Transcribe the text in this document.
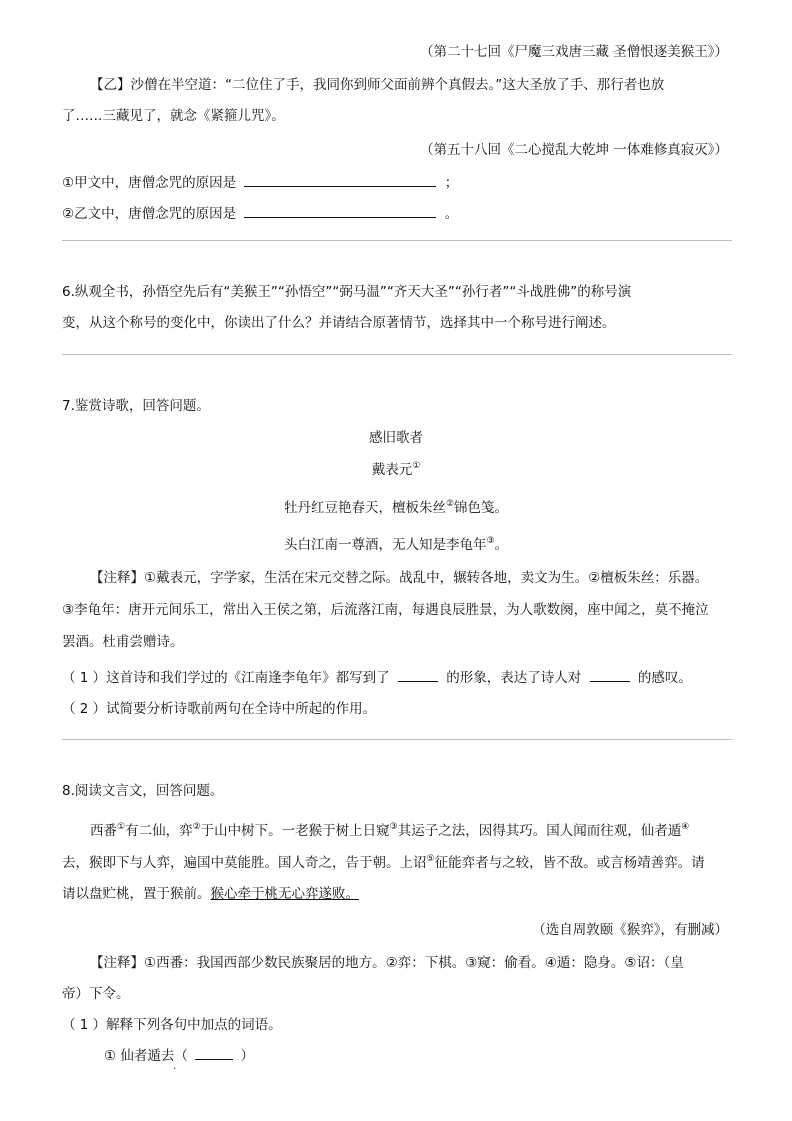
（第二十七回《尸魔三戏唐三藏 圣僧恨逐美猴王》）
【乙】沙僧在半空道：“二位住了手，我同你到师父面前辨个真假去。”这大圣放了手、那行者也放
了……三藏见了，就念《紧箍儿咒》。
（第五十八回《二心搅乱大乾坤 一体难修真寂灭》）
①甲文中，唐僧念咒的原因是	；
②乙文中，唐僧念咒的原因是	。
6.纵观全书，孙悟空先后有“美猴王”“孙悟空”“弼马温”“齐天大圣”“孙行者”“斗战胜佛”的称号演
变，从这个称号的变化中，你读出了什么？并请结合原著情节，选择其中一个称号进行阐述。
7.鉴赏诗歌，回答问题。
感旧歌者
戴表元①
牡丹红豆艳春天，檀板朱丝②锦色笺。
头白江南一尊酒，无人知是李龟年③。
【注释】①戴表元，字学家，生活在宋元交替之际。战乱中，辗转各地，卖文为生。②檀板朱丝：乐器。
③李龟年：唐开元间乐工，常出入王侯之第，后流落江南，每遇良辰胜景，为人歌数阕，座中闻之，莫不掩泣
罢酒。杜甫尝赠诗。
（ 1 ）这首诗和我们学过的《江南逢李龟年》都写到了	的形象，表达了诗人对	的感叹。
（ 2 ）试简要分析诗歌前两句在全诗中所起的作用。
8.阅读文言文，回答问题。
西番①有二仙，弈②于山中树下。一老猴于树上日窥③其运子之法，因得其巧。国人闻而往观，仙者遁④
去，猴即下与人弈，遍国中莫能胜。国人奇之，告于朝。上诏⑤征能弈者与之较，皆不敌。或言杨靖善弈。请
请以盘贮桃，置于猴前。猴心牵于桃无心弈遂败。
（选自周敦颐《猴弈》，有删减）
【注释】①西番：我国西部少数民族聚居的地方。②弈：下棋。③窥：偷看。④遁：隐身。⑤诏：（皇
帝）下令。
（ 1 ）解释下列各句中加点的词语。
① 仙者遁去（	）
·
